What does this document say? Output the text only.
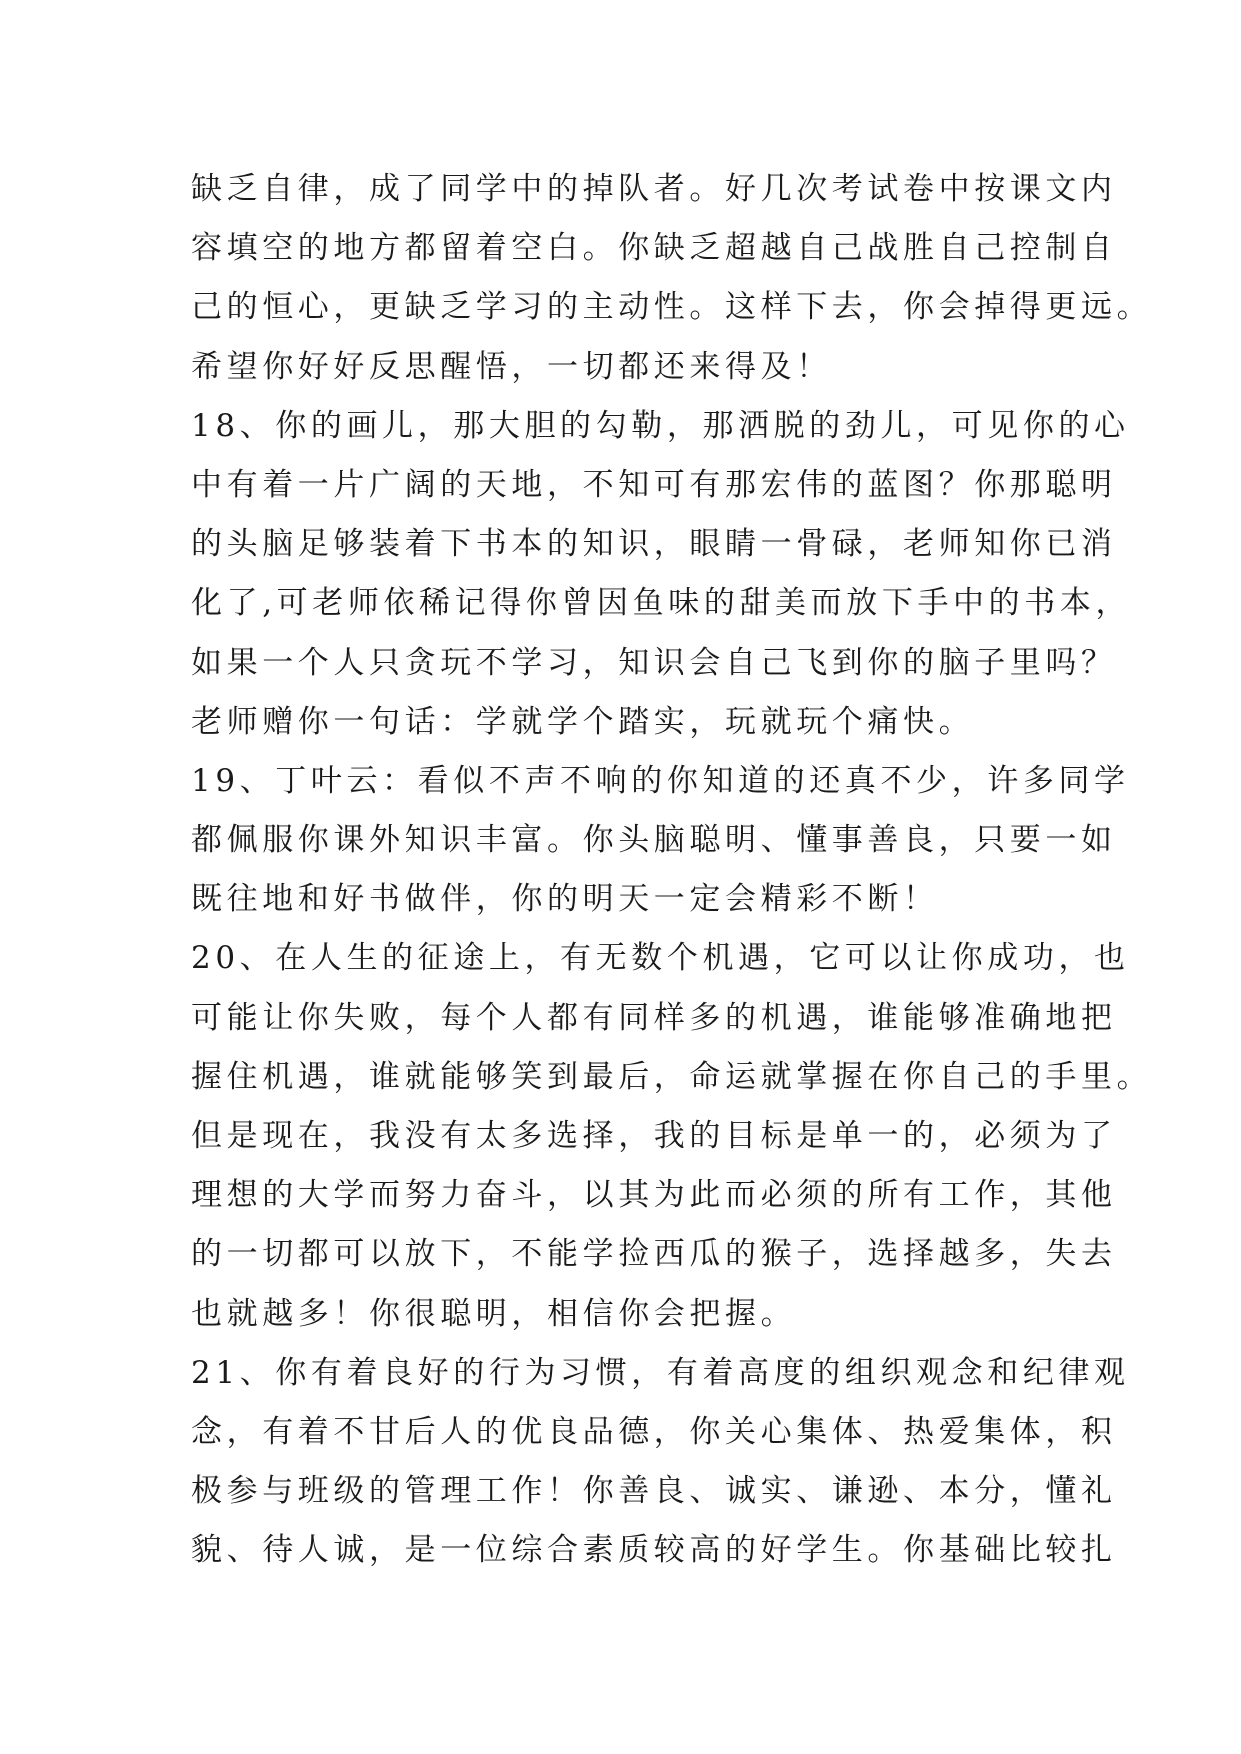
缺乏自律，成了同学中的掉队者。好几次考试卷中按课文内
容填空的地方都留着空白。你缺乏超越自己战胜自己控制自
己的恒心，更缺乏学习的主动性。这样下去，你会掉得更远。
希望你好好反思醒悟，一切都还来得及！
18、你的画儿，那大胆的勾勒，那洒脱的劲儿，可见你的心
中有着一片广阔的天地，不知可有那宏伟的蓝图？你那聪明
的头脑足够装着下书本的知识，眼睛一骨碌，老师知你已消
化了,可老师依稀记得你曾因鱼味的甜美而放下手中的书本，
如果一个人只贪玩不学习，知识会自己飞到你的脑子里吗？
老师赠你一句话：学就学个踏实，玩就玩个痛快。
19、丁叶云：看似不声不响的你知道的还真不少，许多同学
都佩服你课外知识丰富。你头脑聪明、懂事善良，只要一如
既往地和好书做伴，你的明天一定会精彩不断！
20、在人生的征途上，有无数个机遇，它可以让你成功，也
可能让你失败，每个人都有同样多的机遇，谁能够准确地把
握住机遇，谁就能够笑到最后，命运就掌握在你自己的手里。
但是现在，我没有太多选择，我的目标是单一的，必须为了
理想的大学而努力奋斗，以其为此而必须的所有工作，其他
的一切都可以放下，不能学捡西瓜的猴子，选择越多，失去
也就越多！你很聪明，相信你会把握。
21、你有着良好的行为习惯，有着高度的组织观念和纪律观
念，有着不甘后人的优良品德，你关心集体、热爱集体，积
极参与班级的管理工作！你善良、诚实、谦逊、本分，懂礼
貌、待人诚，是一位综合素质较高的好学生。你基础比较扎
